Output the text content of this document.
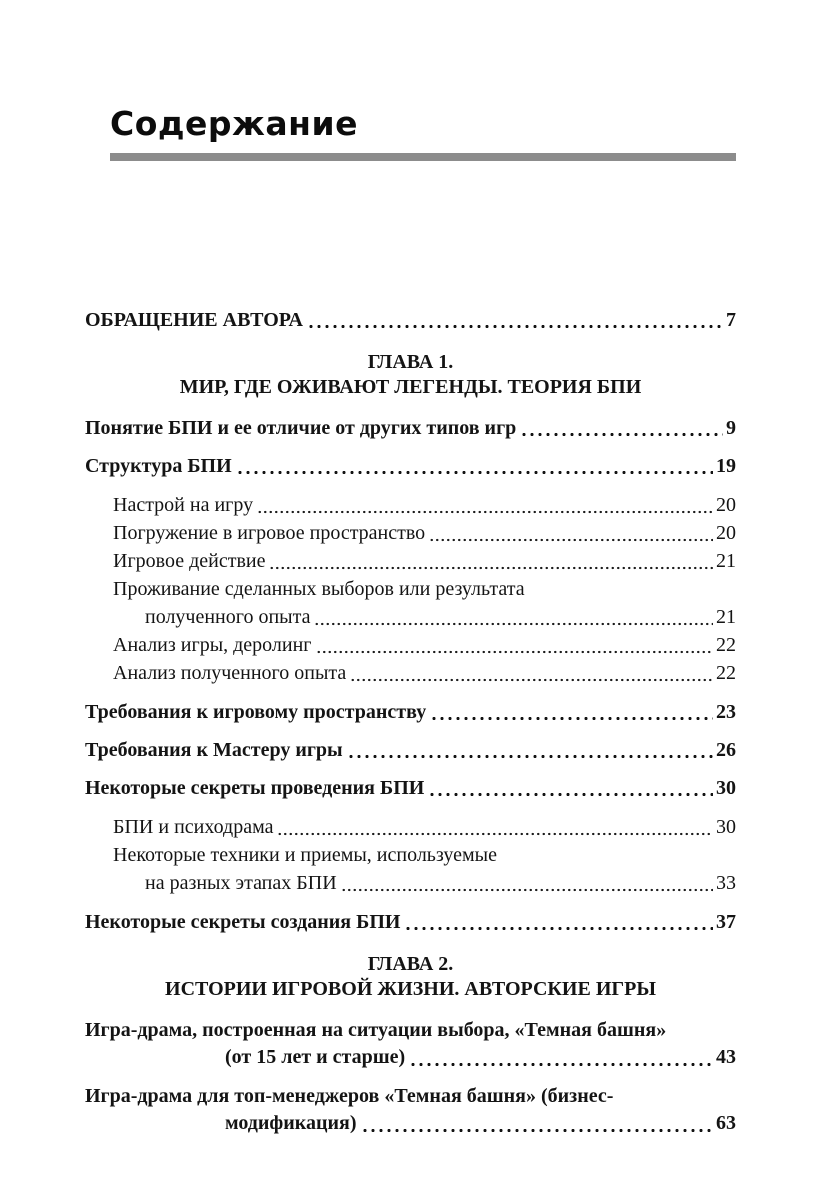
Содержание
ОБРАЩЕНИЕ АВТОРА	7
ГЛАВА 1.
МИР, ГДЕ ОЖИВАЮТ ЛЕГЕНДЫ. ТЕОРИЯ БПИ
Понятие БПИ и ее отличие от других типов игр	9
Структура БПИ	19
Настрой на игру	20
Погружение в игровое пространство	20
Игровое действие	21
Проживание сделанных выборов или результата
полученного опыта	21
Анализ игры, деролинг	22
Анализ полученного опыта	22
Требования к игровому пространству	23
Требования к Мастеру игры	26
Некоторые секреты проведения БПИ	30
БПИ и психодрама	30
Некоторые техники и приемы, используемые
на разных этапах БПИ	33
Некоторые секреты создания БПИ	37
ГЛАВА 2.
ИСТОРИИ ИГРОВОЙ ЖИЗНИ. АВТОРСКИЕ ИГРЫ
Игра-драма, построенная на ситуации выбора, «Темная башня»
(от 15 лет и старше)	43
Игра-драма для топ-менеджеров «Темная башня» (бизнес-
модификация)	63
